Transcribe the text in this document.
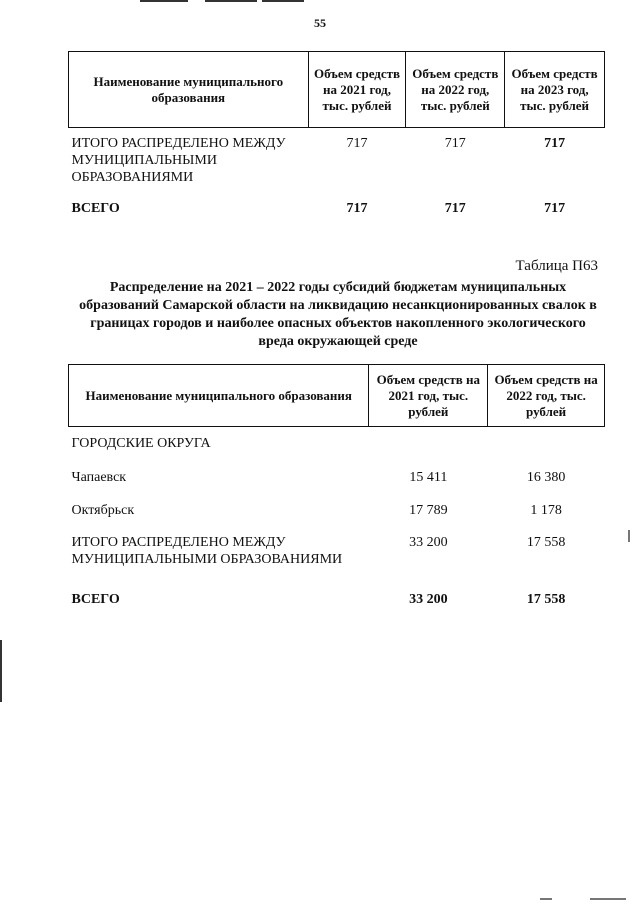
55
Наименование муниципального образования	Объем средств на 2021 год, тыс. рублей	Объем средств на 2022 год, тыс. рублей	Объем средств на 2023 год, тыс. рублей
ИТОГО РАСПРЕДЕЛЕНО МЕЖДУ МУНИЦИПАЛЬНЫМИ ОБРАЗОВАНИЯМИ	717	717	717
ВСЕГО	717	717	717
Таблица П63
Распределение на 2021 – 2022 годы субсидий бюджетам муниципальных образований Самарской области на ликвидацию несанкционированных свалок в границах городов и наиболее опасных объектов накопленного экологического вреда окружающей среде
Наименование муниципального образования	Объем средств на 2021 год, тыс. рублей	Объем средств на 2022 год, тыс. рублей
ГОРОДСКИЕ ОКРУГА		
Чапаевск	15 411	16 380
Октябрьск	17 789	1 178
ИТОГО РАСПРЕДЕЛЕНО МЕЖДУ МУНИЦИПАЛЬНЫМИ ОБРАЗОВАНИЯМИ	33 200	17 558
ВСЕГО	33 200	17 558
